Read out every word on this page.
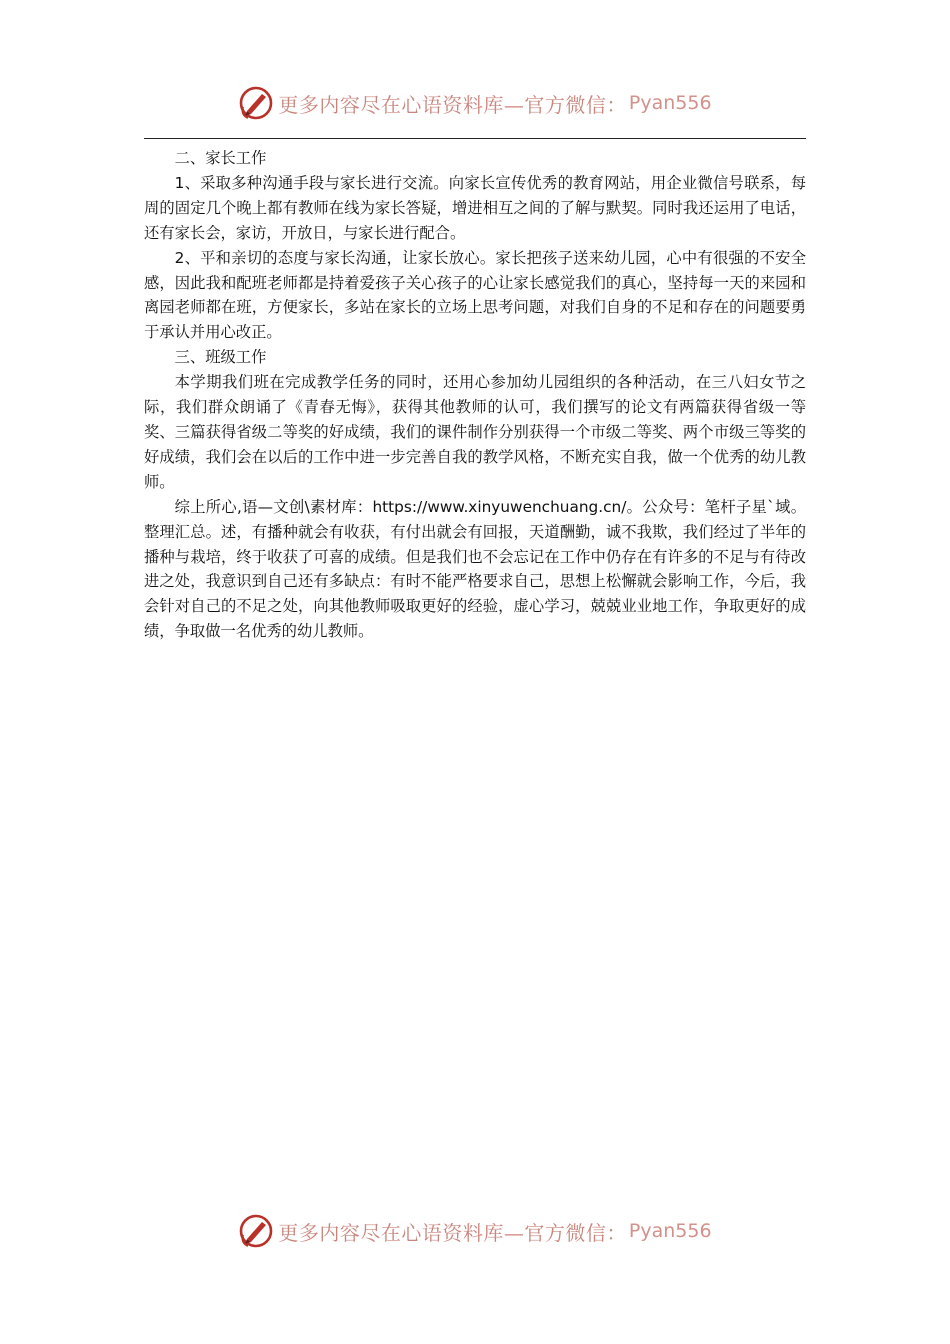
更多内容尽在心语资料库—官方微信： Pyan556

二、家长工作

1、采取多种沟通手段与家长进行交流。向家长宣传优秀的教育网站，用企业微信号联系，每周的固定几个晚上都有教师在线为家长答疑，增进相互之间的了解与默契。同时我还运用了电话，还有家长会，家访，开放日，与家长进行配合。

2、平和亲切的态度与家长沟通，让家长放心。家长把孩子送来幼儿园，心中有很强的不安全感，因此我和配班老师都是持着爱孩子关心孩子的心让家长感觉我们的真心，坚持每一天的来园和离园老师都在班，方便家长，多站在家长的立场上思考问题，对我们自身的不足和存在的问题要勇于承认并用心改正。

三、班级工作

本学期我们班在完成教学任务的同时，还用心参加幼儿园组织的各种活动，在三八妇女节之际，我们群众朗诵了《青春无悔》，获得其他教师的认可，我们撰写的论文有两篇获得省级一等奖、三篇获得省级二等奖的好成绩，我们的课件制作分别获得一个市级二等奖、两个市级三等奖的好成绩，我们会在以后的工作中进一步完善自我的教学风格，不断充实自我，做一个优秀的幼儿教师。

综上所心,语—文创\素材库：https://www.xinyuwenchuang.cn/。公众号：笔杆子星`域。整理汇总。述，有播种就会有收获，有付出就会有回报，天道酬勤，诚不我欺，我们经过了半年的播种与栽培，终于收获了可喜的成绩。但是我们也不会忘记在工作中仍存在有许多的不足与有待改进之处，我意识到自己还有多缺点：有时不能严格要求自己，思想上松懈就会影响工作，今后，我会针对自己的不足之处，向其他教师吸取更好的经验，虚心学习，兢兢业业地工作，争取更好的成绩，争取做一名优秀的幼儿教师。

更多内容尽在心语资料库—官方微信： Pyan556
